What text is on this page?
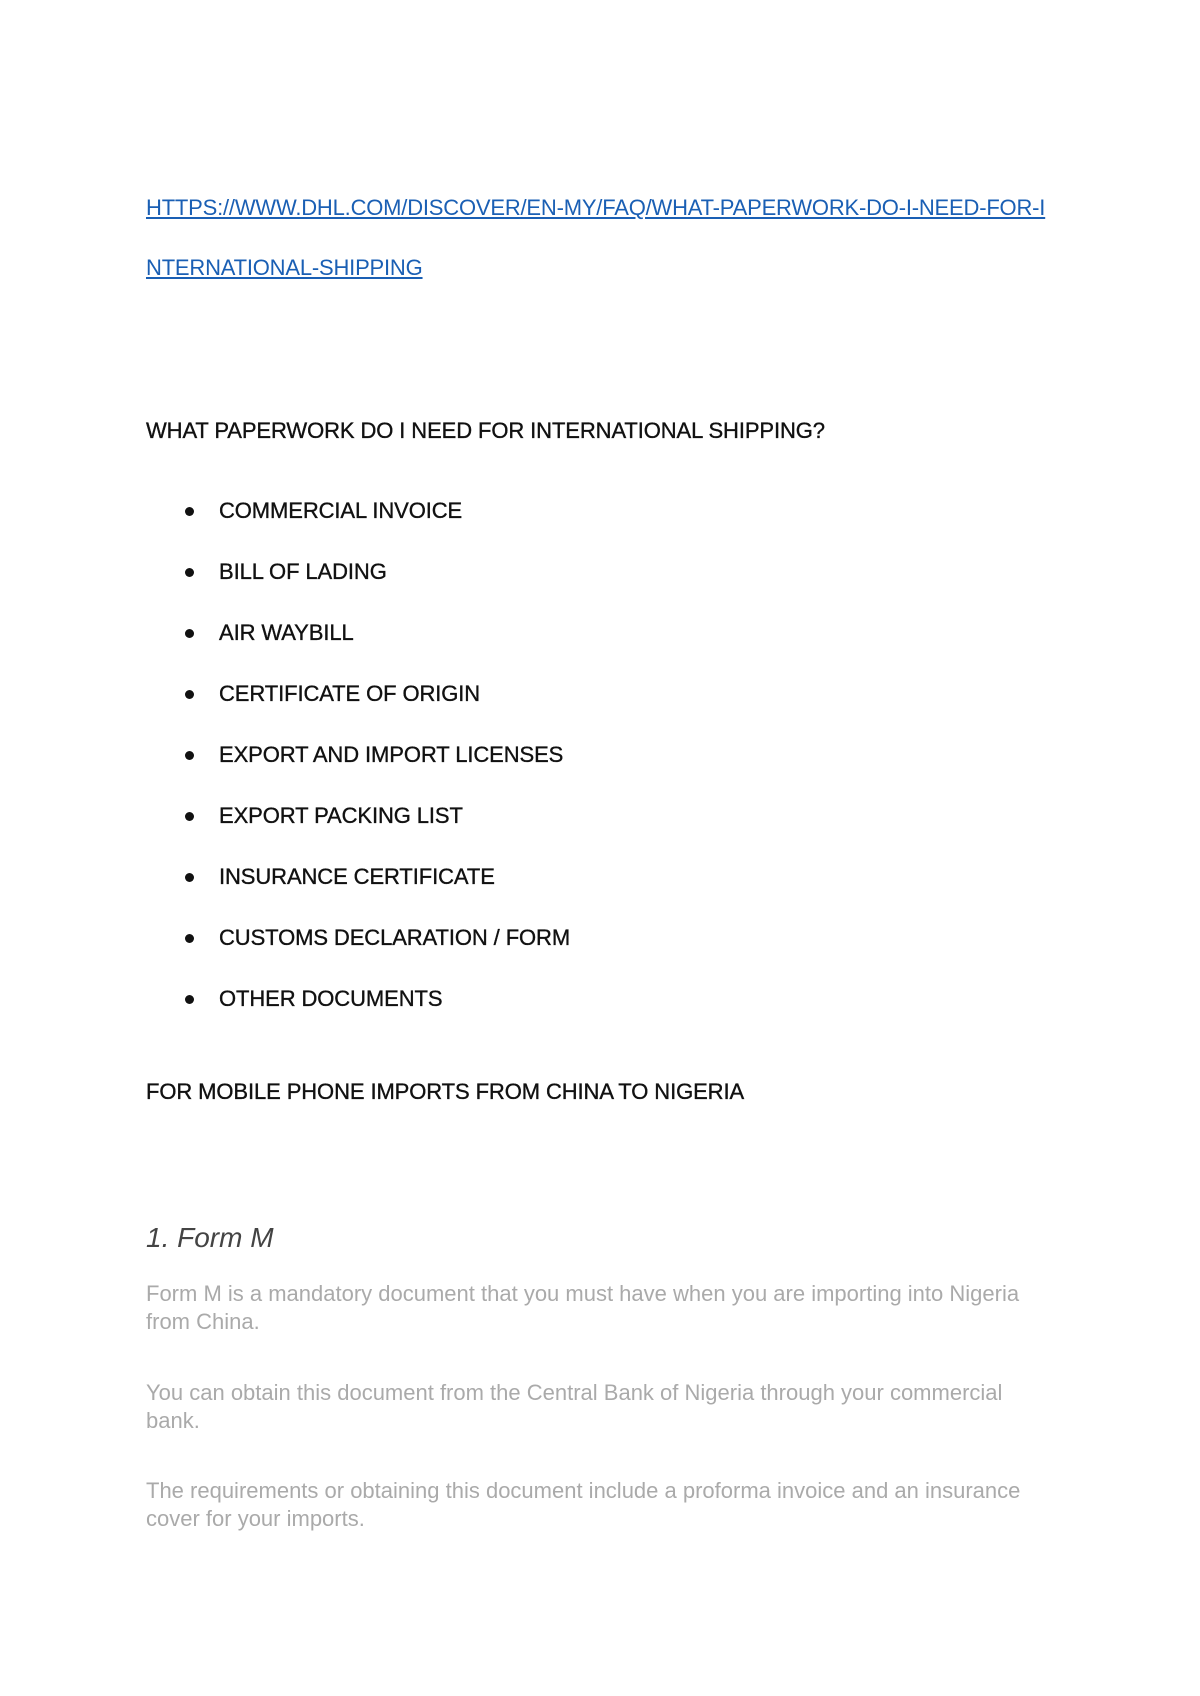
HTTPS://WWW.DHL.COM/DISCOVER/EN-MY/FAQ/WHAT-PAPERWORK-DO-I-NEED-FOR-INTERNATIONAL-SHIPPING
WHAT PAPERWORK DO I NEED FOR INTERNATIONAL SHIPPING?
COMMERCIAL INVOICE
BILL OF LADING
AIR WAYBILL
CERTIFICATE OF ORIGIN
EXPORT AND IMPORT LICENSES
EXPORT PACKING LIST
INSURANCE CERTIFICATE
CUSTOMS DECLARATION / FORM
OTHER DOCUMENTS
FOR MOBILE PHONE IMPORTS FROM CHINA TO NIGERIA
1. Form M

Form M is a mandatory document that you must have when you are importing into Nigeria from China.

You can obtain this document from the Central Bank of Nigeria through your commercial bank.

The requirements or obtaining this document include a proforma invoice and an insurance cover for your imports.
